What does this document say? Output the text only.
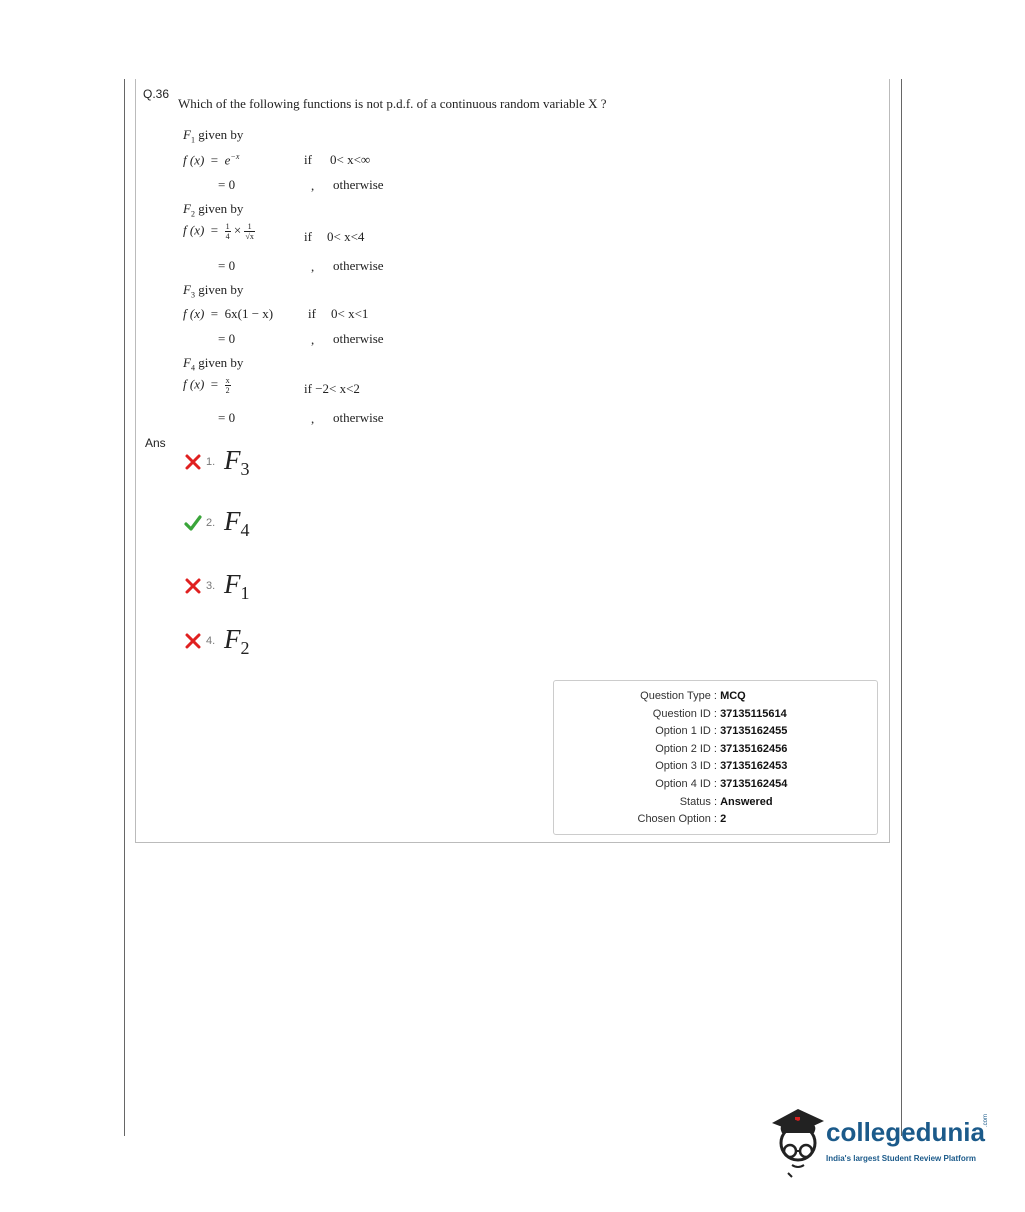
Q.36
Which of the following functions is not p.d.f. of a continuous random variable X ?
$F_1$ given by
f $(x) = e^{-x}$	if 0< x<∞
= 0	, otherwise
$F_2$ given by
f $(x) = \frac{1}{4} \times \frac{1}{√x}$	if 0< x<4
= 0	, otherwise
$F_3$ given by
f (x) = 6x(1 − x)	if 0< x<1
= 0	, otherwise
$F_4$ given by
f $(x) = \frac{x}{2}$	if −2< x<2
= 0	, otherwise
Ans
1. $F_3$
2. $F_4$
3. $F_1$
4. $F_2$
Question Type :
MCQ
Question ID :
37135115614
Option 1 ID :
37135162455
Option 2 ID :
37135162456
Option 3 ID :
37135162453
Option 4 ID :
37135162454
Status :
Answered
Chosen Option :
2
collegedunia
.com
India's largest Student Review Platform
